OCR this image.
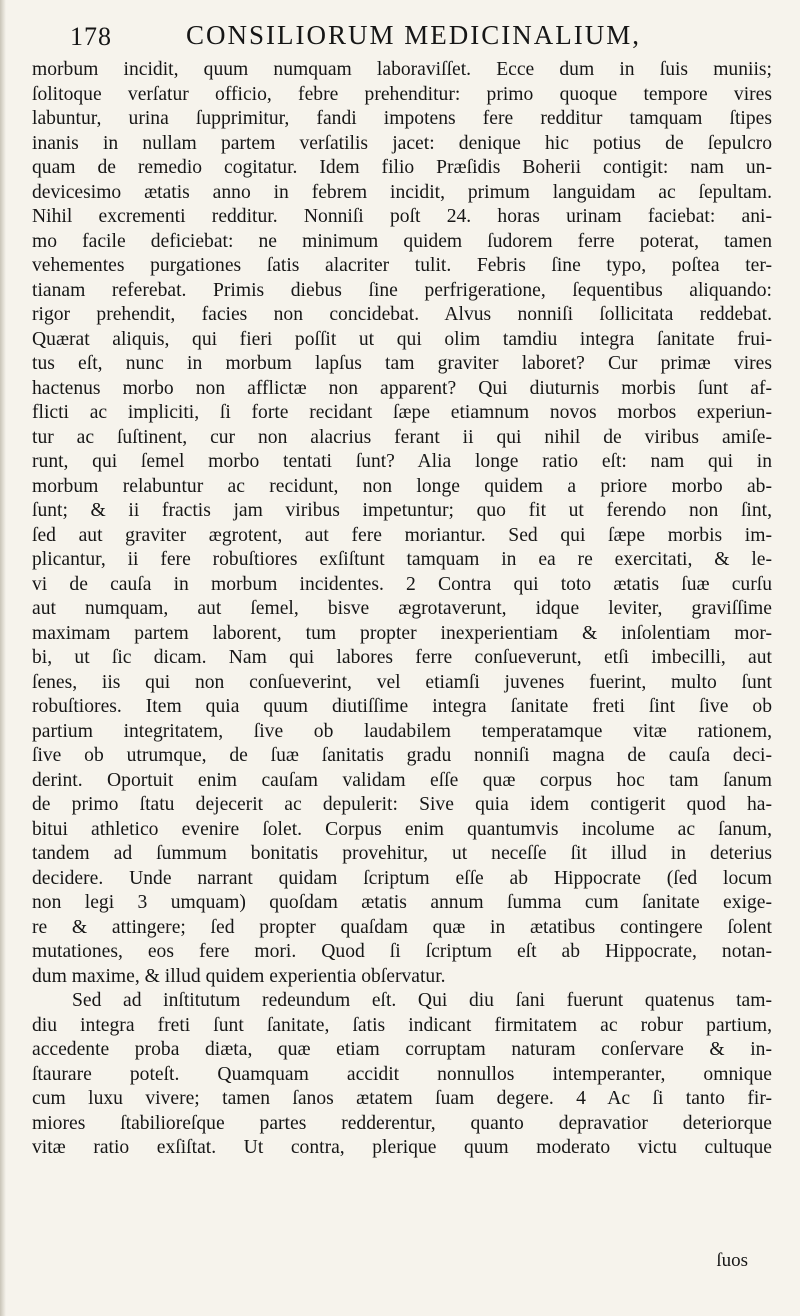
178	CONSILIORUM MEDICINALIUM,
morbum incidit, quum numquam laboraviſſet. Ecce dum in ſuis muniis;
ſolitoque verſatur officio, febre prehenditur: primo quoque tempore vires
labuntur, urina ſupprimitur, fandi impotens fere redditur tamquam ſtipes
inanis in nullam partem verſatilis jacet: denique hic potius de ſepulcro
quam de remedio cogitatur. Idem filio Præſidis Boherii contigit: nam un-
devicesimo ætatis anno in febrem incidit, primum languidam ac ſepultam.
Nihil excrementi redditur. Nonniſi poſt 24. horas urinam faciebat: ani-
mo facile deficiebat: ne minimum quidem ſudorem ferre poterat, tamen
vehementes purgationes ſatis alacriter tulit. Febris ſine typo, poſtea ter-
tianam referebat. Primis diebus ſine perfrigeratione, ſequentibus aliquando:
rigor prehendit, facies non concidebat. Alvus nonniſi ſollicitata reddebat.
Quærat aliquis, qui fieri poſſit ut qui olim tamdiu integra ſanitate frui-
tus eſt, nunc in morbum lapſus tam graviter laboret? Cur primæ vires
hactenus morbo non afflictæ non apparent? Qui diuturnis morbis ſunt af-
flicti ac impliciti, ſi forte recidant ſæpe etiamnum novos morbos experiun-
tur ac ſuſtinent, cur non alacrius ferant ii qui nihil de viribus amiſe-
runt, qui ſemel morbo tentati ſunt? Alia longe ratio eſt: nam qui in
morbum relabuntur ac recidunt, non longe quidem a priore morbo ab-
ſunt; & ii fractis jam viribus impetuntur; quo fit ut ferendo non ſint,
ſed aut graviter ægrotent, aut fere moriantur. Sed qui ſæpe morbis im-
plicantur, ii fere robuſtiores exſiſtunt tamquam in ea re exercitati, & le-
vi de cauſa in morbum incidentes. 2 Contra qui toto ætatis ſuæ curſu
aut numquam, aut ſemel, bisve ægrotaverunt, idque leviter, graviſſime
maximam partem laborent, tum propter inexperientiam & inſolentiam mor-
bi, ut ſic dicam. Nam qui labores ferre conſueverunt, etſi imbecilli, aut
ſenes, iis qui non conſueverint, vel etiamſi juvenes fuerint, multo ſunt
robuſtiores. Item quia quum diutiſſime integra ſanitate freti ſint ſive ob
partium integritatem, ſive ob laudabilem temperatamque vitæ rationem,
ſive ob utrumque, de ſuæ ſanitatis gradu nonniſi magna de cauſa deci-
derint. Oportuit enim cauſam validam eſſe quæ corpus hoc tam ſanum
de primo ſtatu dejecerit ac depulerit: Sive quia idem contigerit quod ha-
bitui athletico evenire ſolet. Corpus enim quantumvis incolume ac ſanum,
tandem ad ſummum bonitatis provehitur, ut neceſſe ſit illud in deterius
decidere. Unde narrant quidam ſcriptum eſſe ab Hippocrate (ſed locum
non legi 3 umquam) quoſdam ætatis annum ſumma cum ſanitate exige-
re & attingere; ſed propter quaſdam quæ in ætatibus contingere ſolent
mutationes, eos fere mori. Quod ſi ſcriptum eſt ab Hippocrate, notan-
dum maxime, & illud quidem experientia obſervatur.
Sed ad inſtitutum redeundum eſt. Qui diu ſani fuerunt quatenus tam-
diu integra freti ſunt ſanitate, ſatis indicant firmitatem ac robur partium,
accedente proba diæta, quæ etiam corruptam naturam conſervare & in-
ſtaurare poteſt. Quamquam accidit nonnullos intemperanter, omnique
cum luxu vivere; tamen ſanos ætatem ſuam degere. 4 Ac ſi tanto fir-
miores ſtabilioreſque partes redderentur, quanto depravatior deteriorque
vitæ ratio exſiſtat. Ut contra, plerique quum moderato victu cultuque
ſuos
